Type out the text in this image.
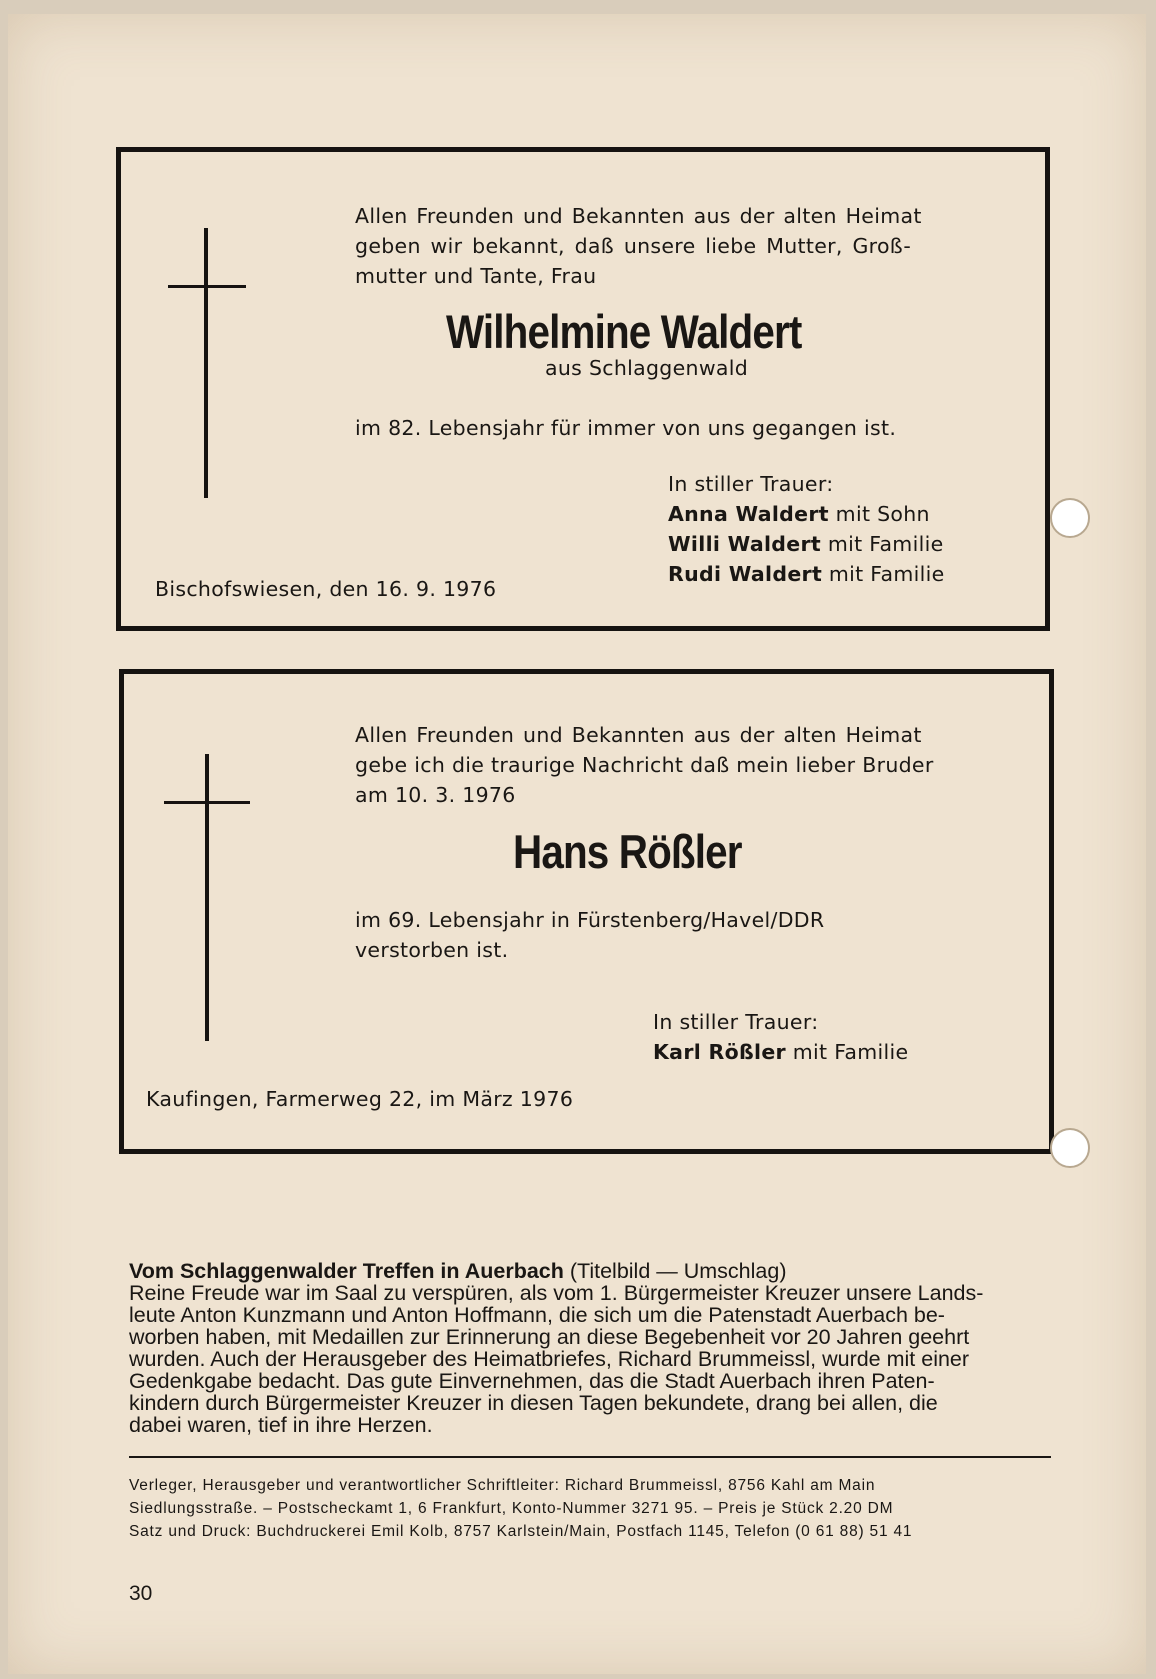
Allen Freunden und Bekannten aus der alten Heimat
geben wir bekannt, daß unsere liebe Mutter, Groß-
mutter und Tante, Frau
Wilhelmine Waldert
aus Schlaggenwald
im 82. Lebensjahr für immer von uns gegangen ist.
In stiller Trauer:
Anna Waldert mit Sohn
Willi Waldert mit Familie
Rudi Waldert mit Familie
Bischofswiesen, den 16. 9. 1976
Allen Freunden und Bekannten aus der alten Heimat
gebe ich die traurige Nachricht daß mein lieber Bruder
am 10. 3. 1976
Hans Rößler
im 69. Lebensjahr in Fürstenberg/Havel/DDR
verstorben ist.
In stiller Trauer:
Karl Rößler mit Familie
Kaufingen, Farmerweg 22, im März 1976
Vom Schlaggenwalder Treffen in Auerbach (Titelbild — Umschlag)
Reine Freude war im Saal zu verspüren, als vom 1. Bürgermeister Kreuzer unsere Lands-
leute Anton Kunzmann und Anton Hoffmann, die sich um die Patenstadt Auerbach be-
worben haben, mit Medaillen zur Erinnerung an diese Begebenheit vor 20 Jahren geehrt
wurden. Auch der Herausgeber des Heimatbriefes, Richard Brummeissl, wurde mit einer
Gedenkgabe bedacht. Das gute Einvernehmen, das die Stadt Auerbach ihren Paten-
kindern durch Bürgermeister Kreuzer in diesen Tagen bekundete, drang bei allen, die
dabei waren, tief in ihre Herzen.
Verleger, Herausgeber und verantwortlicher Schriftleiter: Richard Brummeissl, 8756 Kahl am Main
Siedlungsstraße. – Postscheckamt 1, 6 Frankfurt, Konto-Nummer 3271 95. – Preis je Stück 2.20 DM
Satz und Druck: Buchdruckerei Emil Kolb, 8757 Karlstein/Main, Postfach 1145, Telefon (0 61 88) 51 41
30
